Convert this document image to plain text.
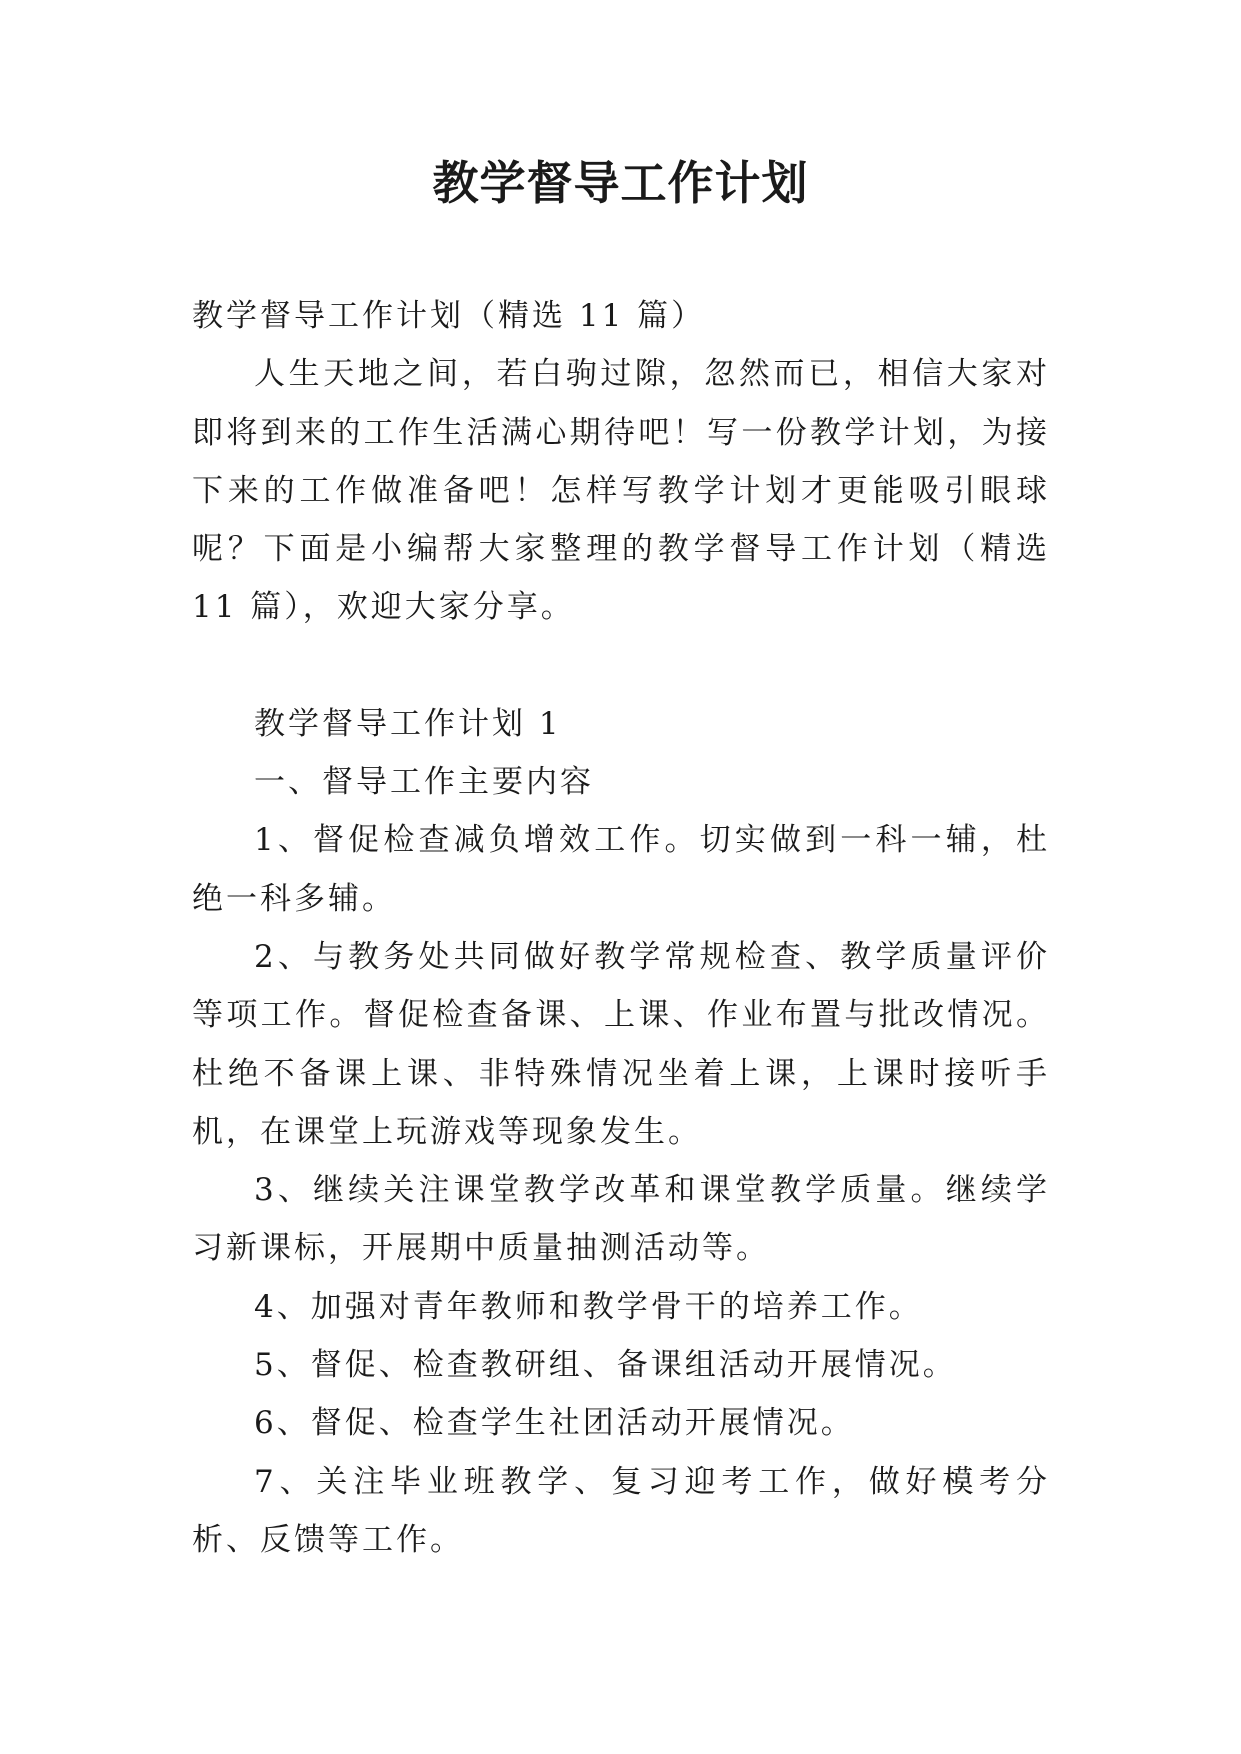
教学督导工作计划

教学督导工作计划（精选 11 篇）

人生天地之间，若白驹过隙，忽然而已，相信大家对即将到来的工作生活满心期待吧！写一份教学计划，为接下来的工作做准备吧！怎样写教学计划才更能吸引眼球呢？下面是小编帮大家整理的教学督导工作计划（精选 11 篇），欢迎大家分享。

教学督导工作计划 1

一、督导工作主要内容

1、督促检查减负增效工作。切实做到一科一辅，杜绝一科多辅。

2、与教务处共同做好教学常规检查、教学质量评价等项工作。督促检查备课、上课、作业布置与批改情况。杜绝不备课上课、非特殊情况坐着上课，上课时接听手机，在课堂上玩游戏等现象发生。

3、继续关注课堂教学改革和课堂教学质量。继续学习新课标，开展期中质量抽测活动等。

4、加强对青年教师和教学骨干的培养工作。

5、督促、检查教研组、备课组活动开展情况。

6、督促、检查学生社团活动开展情况。

7、关注毕业班教学、复习迎考工作，做好模考分析、反馈等工作。
